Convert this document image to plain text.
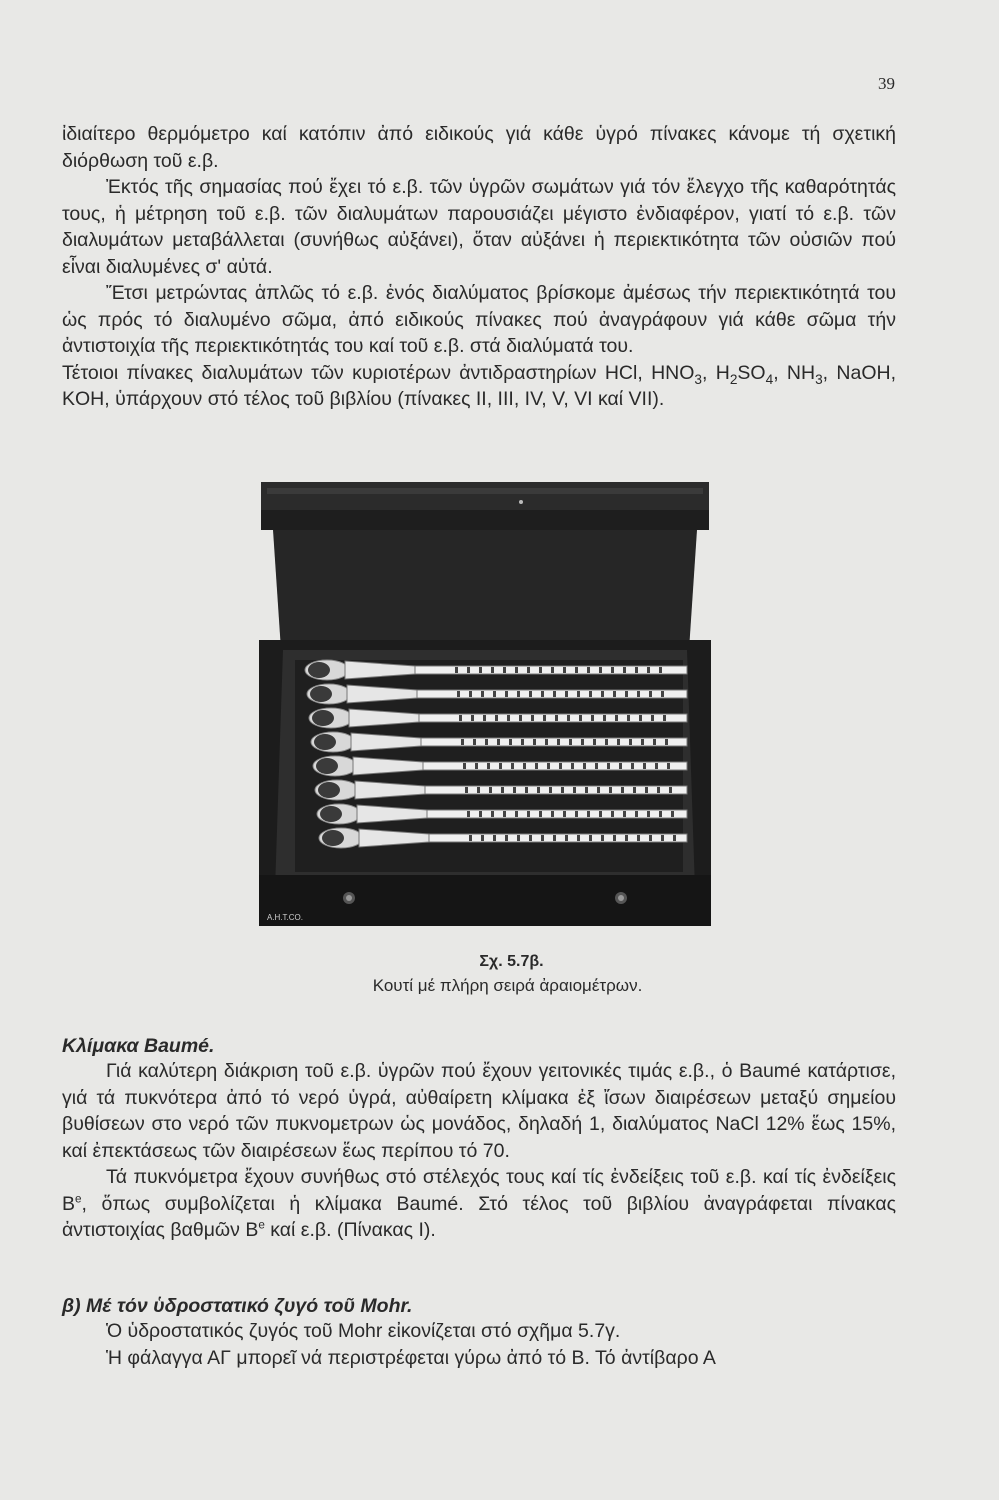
39

ἰδιαίτερο θερμόμετρο καί κατόπιν ἀπό ειδικούς γιά κάθε ὑγρό πίνακες κάνομε τή σχετική διόρθωση τοῦ ε.β.

Ἐκτός τῆς σημασίας πού ἔχει τό ε.β. τῶν ὑγρῶν σωμάτων γιά τόν ἔλεγχο τῆς καθαρότητάς τους, ἡ μέτρηση τοῦ ε.β. τῶν διαλυμάτων παρουσιάζει μέγιστο ἐνδιαφέρον, γιατί τό ε.β. τῶν διαλυμάτων μεταβάλλεται (συνήθως αὐξάνει), ὅταν αὐξάνει ἡ περιεκτικότητα τῶν οὐσιῶν πού εἶναι διαλυμένες σ' αὐτά.

Ἔτσι μετρώντας ἁπλῶς τό ε.β. ἑνός διαλύματος βρίσκομε ἀμέσως τήν περιεκτικότητά του ὡς πρός τό διαλυμένο σῶμα, ἀπό ειδικούς πίνακες πού ἀναγράφουν γιά κάθε σῶμα τήν ἀντιστοιχία τῆς περιεκτικότητάς του καί τοῦ ε.β. στά διαλύματά του.

Τέτοιοι πίνακες διαλυμάτων τῶν κυριοτέρων ἀντιδραστηρίων HCl, $HNO_3$, $H_2SO_4$, $NH_3$, NaOH, KOH, ὑπάρχουν στό τέλος τοῦ βιβλίου (πίνακες II, III, IV, V, VI καί VII).

A.H.T.CO.
Σχ. 5.7β.
Κουτί μέ πλήρη σειρά ἀραιομέτρων.
Κλίμακα Baumé.

Γιά καλύτερη διάκριση τοῦ ε.β. ὑγρῶν πού ἔχουν γειτονικές τιμάς ε.β., ὁ Baumé κατάρτισε, γιά τά πυκνότερα ἀπό τό νερό ὑγρά, αὐθαίρετη κλίμακα ἐξ ἴσων διαιρέσεων μεταξύ σημείου βυθίσεων στο νερό τῶν πυκνομετρων ὡς μονάδος, δηλαδή 1, διαλύματος NaCl 12% ἕως 15%, καί ἐπεκτάσεως τῶν διαιρέσεων ἕως περίπου τό 70.

Τά πυκνόμετρα ἔχουν συνήθως στό στέλεχός τους καί τίς ἐνδείξεις τοῦ ε.β. καί τίς ἐνδείξεις $B^e$, ὅπως συμβολίζεται ἡ κλίμακα Baumé. Στό τέλος τοῦ βιβλίου ἀναγράφεται πίνακας ἀντιστοιχίας βαθμῶν $B^e$ καί ε.β. (Πίνακας I).

β) Μέ τόν ὑδροστατικό ζυγό τοῦ Mohr.

Ὁ ὑδροστατικός ζυγός τοῦ Mohr εἰκονίζεται στό σχῆμα 5.7γ.

Ἡ φάλαγγα ΑΓ μπορεῖ νά περιστρέφεται γύρω ἀπό τό Β. Τό ἀντίβαρο Α
